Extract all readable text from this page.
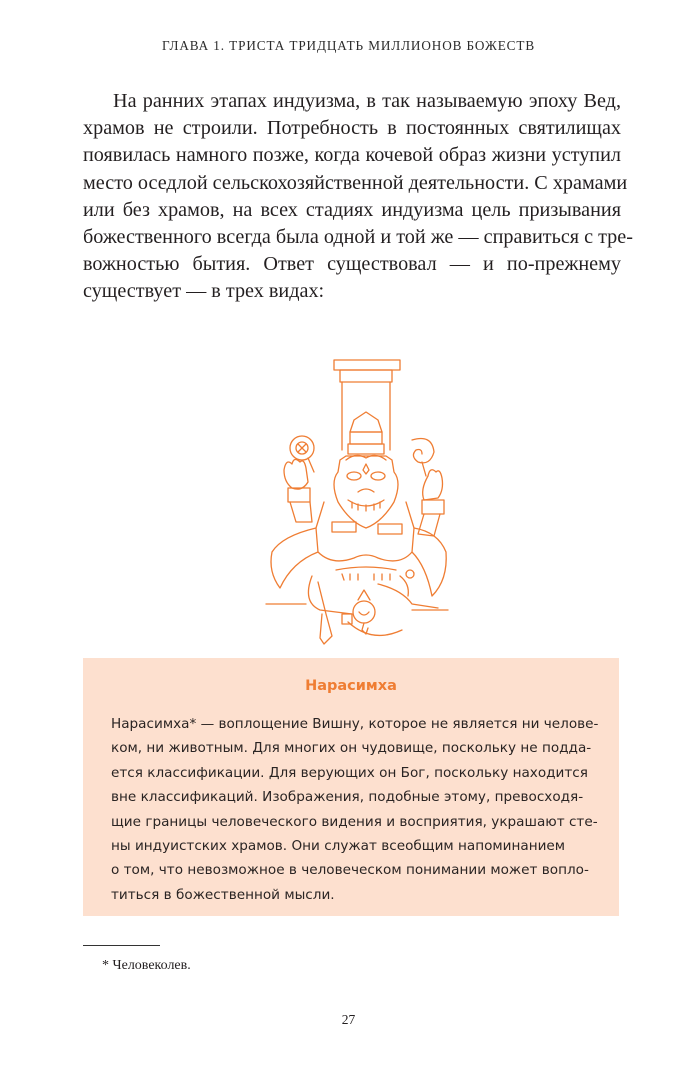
ГЛАВА 1. ТРИСТА ТРИДЦАТЬ МИЛЛИОНОВ БОЖЕСТВ
На ранних этапах индуизма, в так называемую эпоху Вед,
храмов не строили. Потребность в постоянных святилищах
появилась намного позже, когда кочевой образ жизни уступил
место оседлой сельскохозяйственной деятельности. С храмами
или без храмов, на всех стадиях индуизма цель призывания
божественного всегда была одной и той же — справиться с тре-
вожностью бытия. Ответ существовал — и по-прежнему
существует — в трех видах:
Нарасимха
Нарасимха* — воплощение Вишну, которое не является ни челове-
ком, ни животным. Для многих он чудовище, поскольку не подда-
ется классификации. Для верующих он Бог, поскольку находится
вне классификаций. Изображения, подобные этому, превосходя-
щие границы человеческого видения и восприятия, украшают сте-
ны индуистских храмов. Они служат всеобщим напоминанием
о том, что невозможное в человеческом понимании может вопло-
титься в божественной мысли.
* Человеколев.
27
